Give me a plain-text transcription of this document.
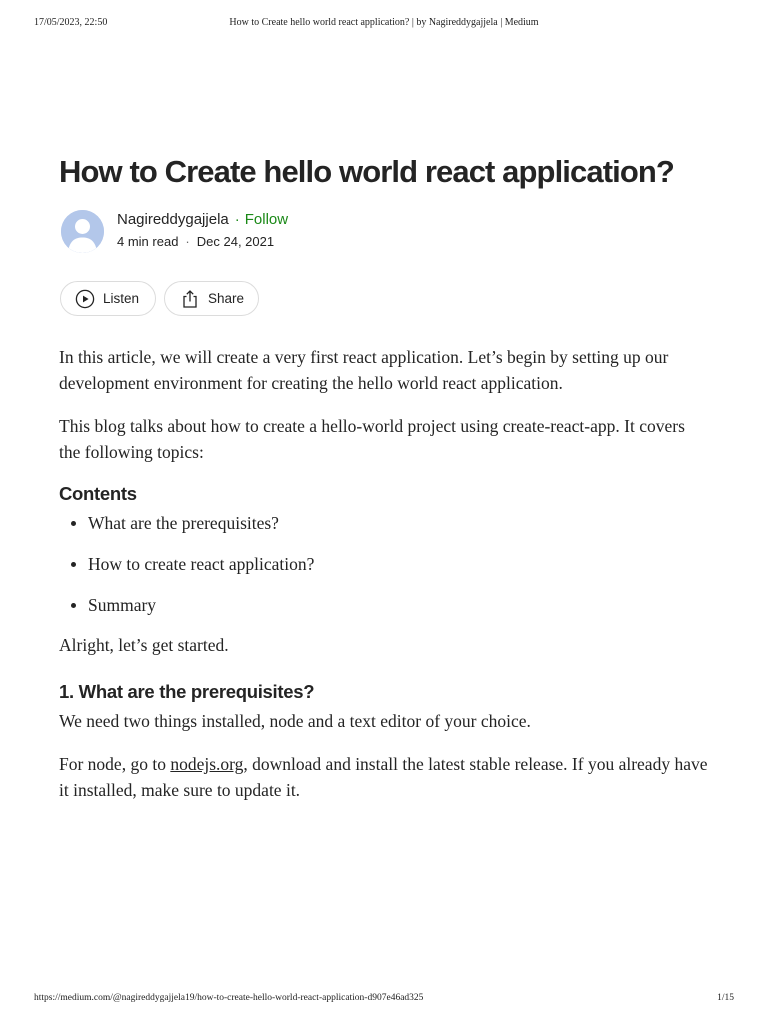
17/05/2023, 22:50	How to Create hello world react application? | by Nagireddygajjela | Medium
How to Create hello world react application?
Nagireddygajjela · Follow
4 min read · Dec 24, 2021
Listen	Share

In this article, we will create a very first react application. Let’s begin by setting up our development environment for creating the hello world react application.

This blog talks about how to create a hello-world project using create-react-app. It covers the following topics:

Contents
What are the prerequisites?
How to create react application?
Summary

Alright, let’s get started.

1. What are the prerequisites?

We need two things installed, node and a text editor of your choice.

For node, go to nodejs.org, download and install the latest stable release. If you already have it installed, make sure to update it.

https://medium.com/@nagireddygajjela19/how-to-create-hello-world-react-application-d907e46ad325	1/15
